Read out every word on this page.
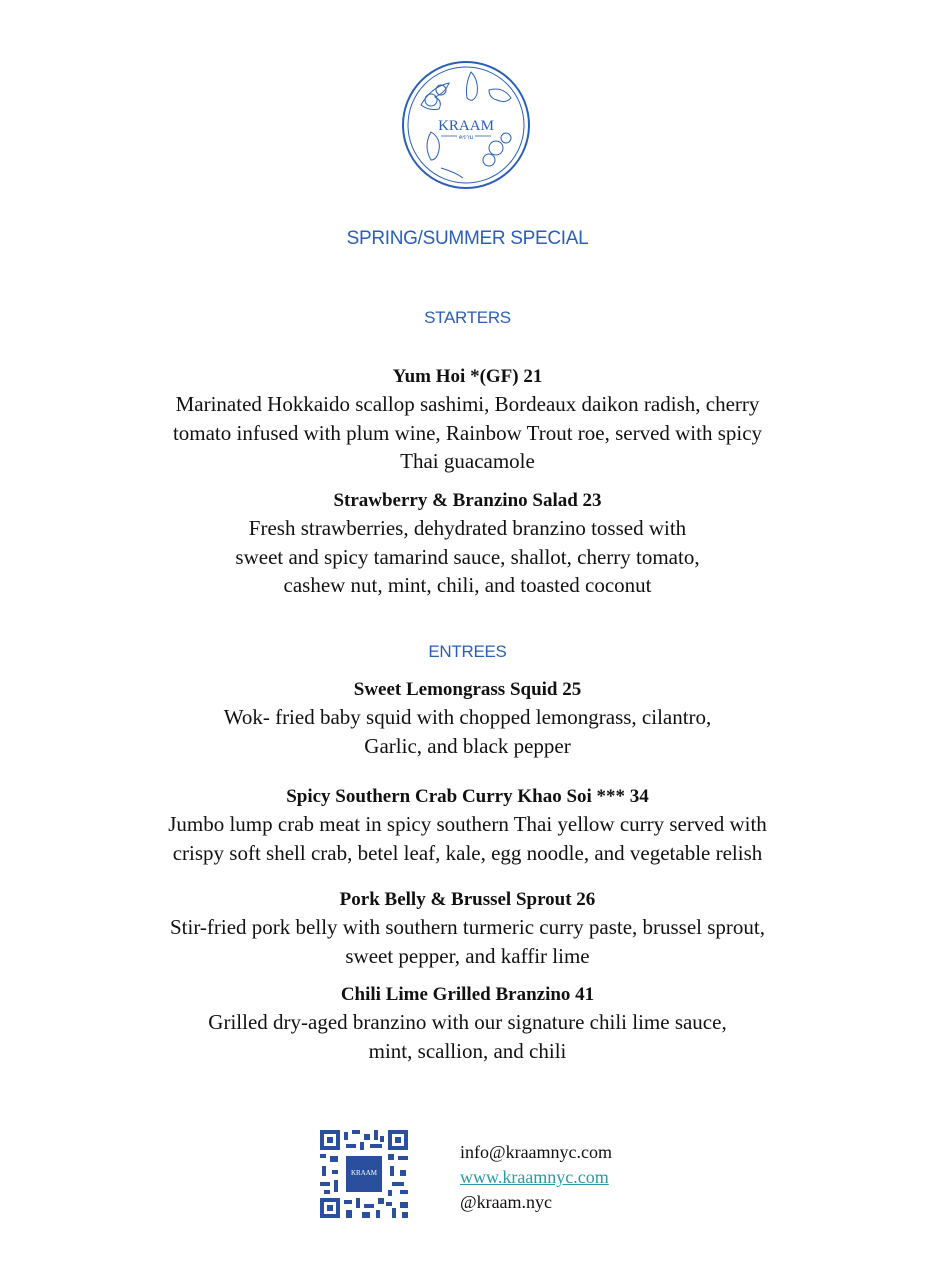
KRAAM
คราม
SPRING/SUMMER SPECIAL
STARTERS
Yum Hoi *(GF) 21
Marinated Hokkaido scallop sashimi, Bordeaux daikon radish, cherry
tomato infused with plum wine, Rainbow Trout roe, served with spicy
Thai guacamole
Strawberry & Branzino Salad 23
Fresh strawberries, dehydrated branzino tossed with
sweet and spicy tamarind sauce, shallot, cherry tomato,
cashew nut, mint, chili, and toasted coconut
ENTREES
Sweet Lemongrass Squid 25
Wok- fried baby squid with chopped lemongrass, cilantro,
Garlic, and black pepper
Spicy Southern Crab Curry Khao Soi *** 34
Jumbo lump crab meat in spicy southern Thai yellow curry served with
crispy soft shell crab, betel leaf, kale, egg noodle, and vegetable relish
Pork Belly & Brussel Sprout 26
Stir-fried pork belly with southern turmeric curry paste, brussel sprout,
sweet pepper, and kaffir lime
Chili Lime Grilled Branzino 41
Grilled dry-aged branzino with our signature chili lime sauce,
mint, scallion, and chili
KRAAM
info@kraamnyc.com
www.kraamnyc.com
@kraam.nyc
